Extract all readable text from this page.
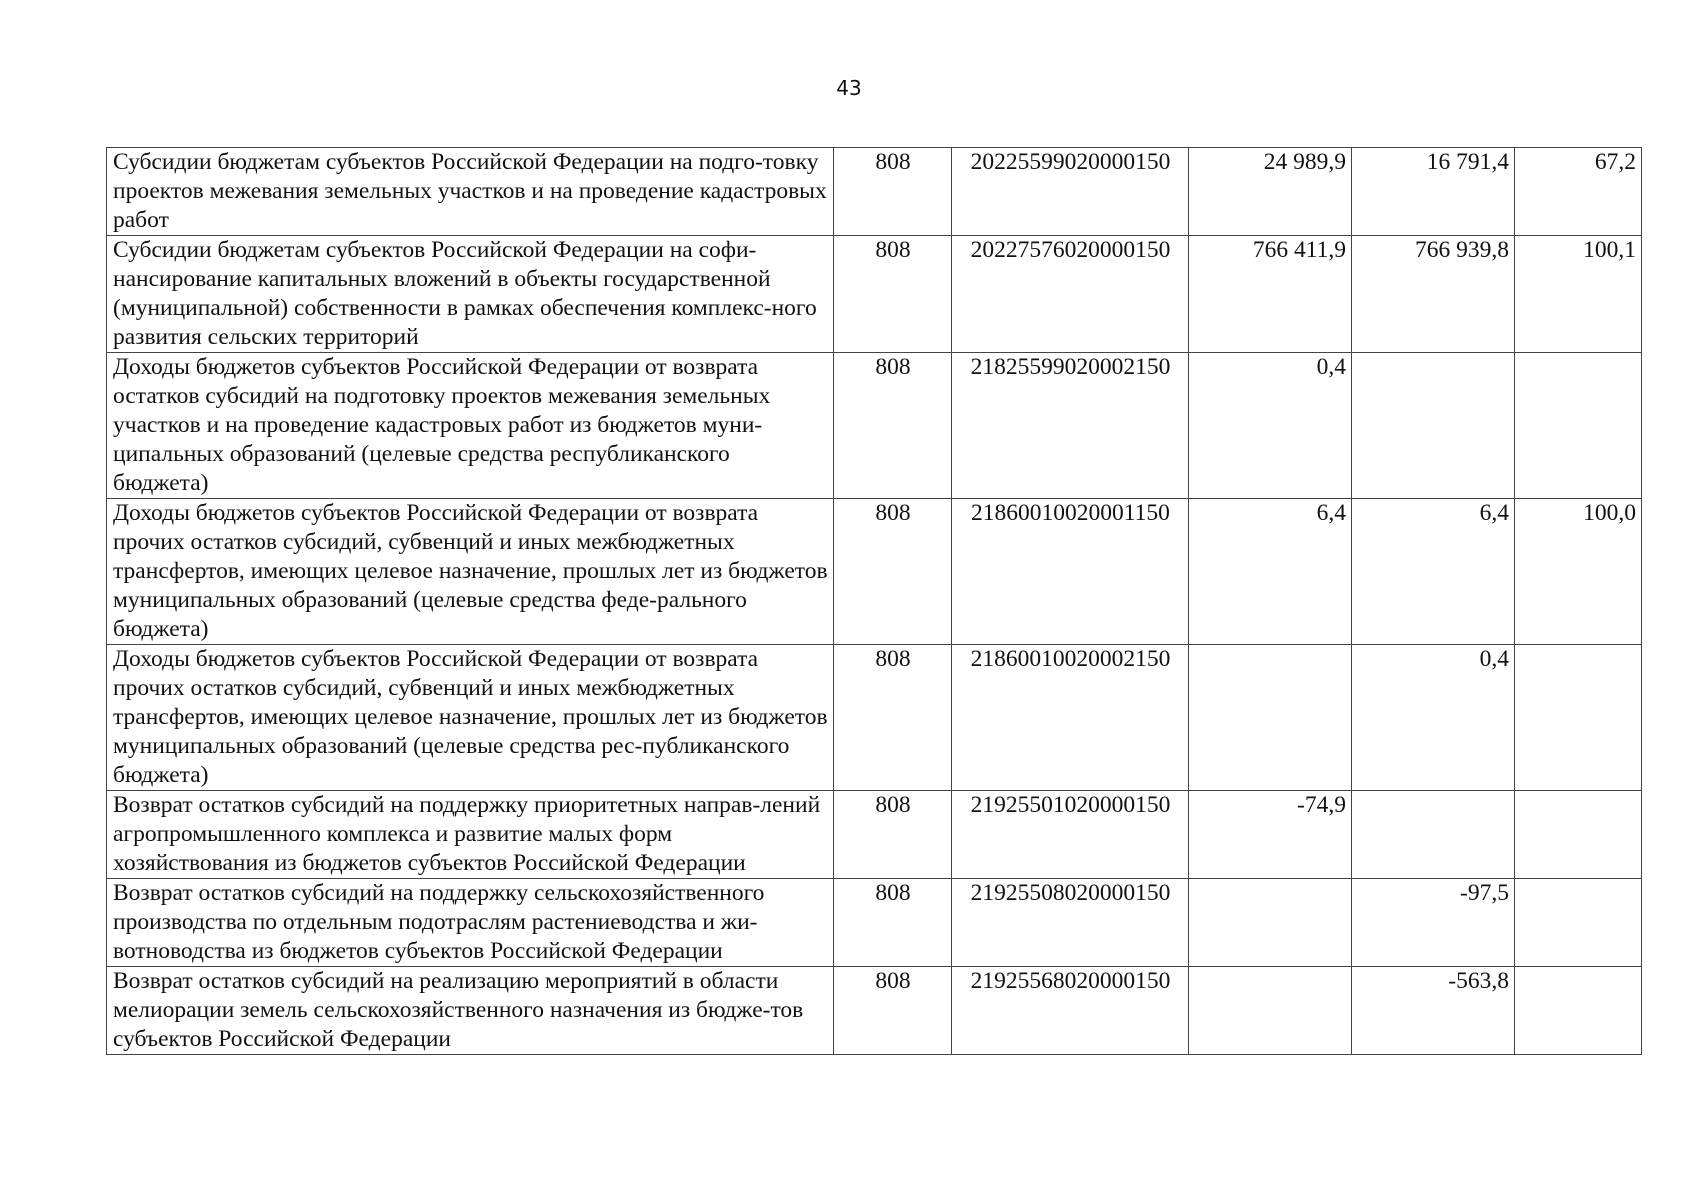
43
Субсидии бюджетам субъектов Российской Федерации на подго-товку проектов межевания земельных участков и на проведение кадастровых работ	808	20225599020000150	24 989,9	16 791,4	67,2
Субсидии бюджетам субъектов Российской Федерации на софи-нансирование капитальных вложений в объекты государственной (муниципальной) собственности в рамках обеспечения комплекс-ного развития сельских территорий	808	20227576020000150	766 411,9	766 939,8	100,1
Доходы бюджетов субъектов Российской Федерации от возврата остатков субсидий на подготовку проектов межевания земельных участков и на проведение кадастровых работ из бюджетов муни-ципальных образований (целевые средства республиканского бюджета)	808	21825599020002150	0,4		
Доходы бюджетов субъектов Российской Федерации от возврата прочих остатков субсидий, субвенций и иных межбюджетных трансфертов, имеющих целевое назначение, прошлых лет из бюджетов муниципальных образований (целевые средства феде-рального бюджета)	808	21860010020001150	6,4	6,4	100,0
Доходы бюджетов субъектов Российской Федерации от возврата прочих остатков субсидий, субвенций и иных межбюджетных трансфертов, имеющих целевое назначение, прошлых лет из бюджетов муниципальных образований (целевые средства рес-публиканского бюджета)	808	21860010020002150		0,4	
Возврат остатков субсидий на поддержку приоритетных направ-лений агропромышленного комплекса и развитие малых форм хозяйствования из бюджетов субъектов Российской Федерации	808	21925501020000150	-74,9		
Возврат остатков субсидий на поддержку сельскохозяйственного производства по отдельным подотраслям растениеводства и жи-вотноводства из бюджетов субъектов Российской Федерации	808	21925508020000150		-97,5	
Возврат остатков субсидий на реализацию мероприятий в области мелиорации земель сельскохозяйственного назначения из бюдже-тов субъектов Российской Федерации	808	21925568020000150		-563,8	
